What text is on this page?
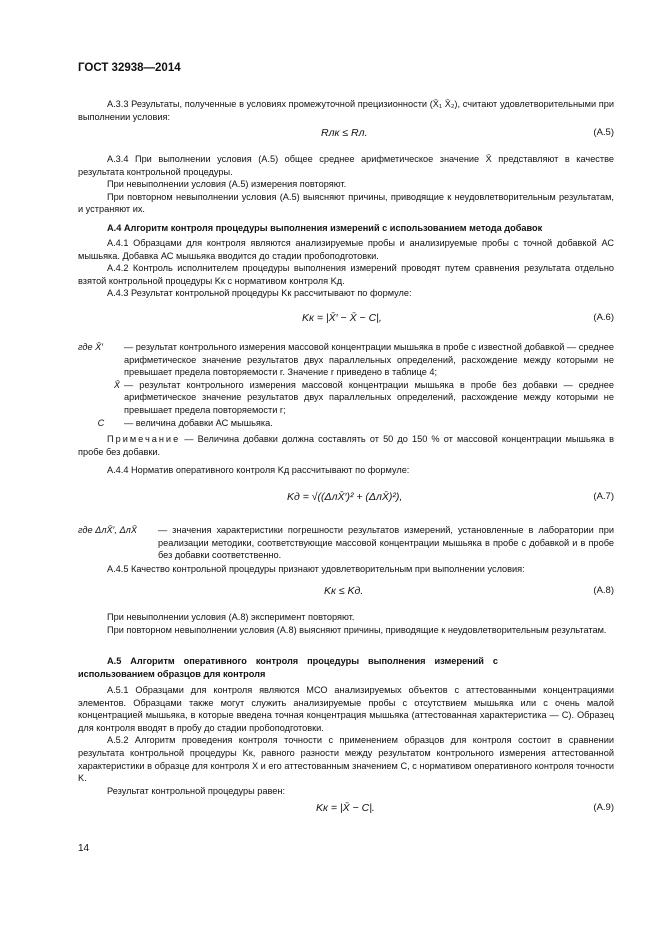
ГОСТ 32938—2014

А.3.3 Результаты, полученные в условиях промежуточной прецизионности (X̄₁ X̄₂), считают удовлетворительными при выполнении условия:

Rлк ≤ Rл.	(А.5)

А.3.4 При выполнении условия (А.5) общее среднее арифметическое значение X̄ представляют в качестве результата контрольной процедуры.

При невыполнении условия (А.5) измерения повторяют.

При повторном невыполнении условия (А.5) выясняют причины, приводящие к неудовлетворительным результатам, и устраняют их.

А.4 Алгоритм контроля процедуры выполнения измерений с использованием метода добавок

А.4.1 Образцами для контроля являются анализируемые пробы и анализируемые пробы с точной добавкой АС мышьяка. Добавка АС мышьяка вводится до стадии пробоподготовки.

А.4.2 Контроль исполнителем процедуры выполнения измерений проводят путем сравнения результата отдельно взятой контрольной процедуры Kк с нормативом контроля Kд.

А.4.3 Результат контрольной процедуры Kк рассчитывают по формуле:

Kк = |X̄′ − X̄ − C|,	(А.6)
где X̄′	— результат контрольного измерения массовой концентрации мышьяка в пробе с известной добавкой — среднее арифметическое значение результатов двух параллельных определений, расхождение между которыми не превышает предела повторяемости r. Значение r приведено в таблице 4;
X̄ — результат контрольного измерения массовой концентрации мышьяка в пробе без добавки — среднее арифметическое значение результатов двух параллельных определений, расхождение между которыми не превышает предела повторяемости r;
C	— величина добавки АС мышьяка.
Примечание — Величина добавки должна составлять от 50 до 150 % от массовой концентрации мышьяка в пробе без добавки.

А.4.4 Норматив оперативного контроля Kд рассчитывают по формуле:

Kд = √((ΔлX̄′)² + (ΔлX̄)²),	(А.7)
где ΔлX̄′, ΔлX̄	— значения характеристики погрешности результатов измерений, установленные в лаборатории при реализации методики, соответствующие массовой концентрации мышьяка в пробе с добавкой и в пробе без добавки соответственно.

А.4.5 Качество контрольной процедуры признают удовлетворительным при выполнении условия:

Kк ≤ Kд.	(А.8)

При невыполнении условия (А.8) эксперимент повторяют.

При повторном невыполнении условия (А.8) выясняют причины, приводящие к неудовлетворительным результатам.

А.5 Алгоритм оперативного контроля процедуры выполнения измерений с использованием образцов для контроля

А.5.1 Образцами для контроля являются МСО анализируемых объектов с аттестованными концентрациями элементов. Образцами также могут служить анализируемые пробы с отсутствием мышьяка или с очень малой концентрацией мышьяка, в которые введена точная концентрация мышьяка (аттестованная характеристика — C). Образец для контроля вводят в пробу до стадии пробоподготовки.

А.5.2 Алгоритм проведения контроля точности с применением образцов для контроля состоит в сравнении результата контрольной процедуры Kк, равного разности между результатом контрольного измерения аттестованной характеристики в образце для контроля X и его аттестованным значением C, с нормативом оперативного контроля точности K.

Результат контрольной процедуры равен:

Kк = |X̄ − C|.	(А.9)
14
